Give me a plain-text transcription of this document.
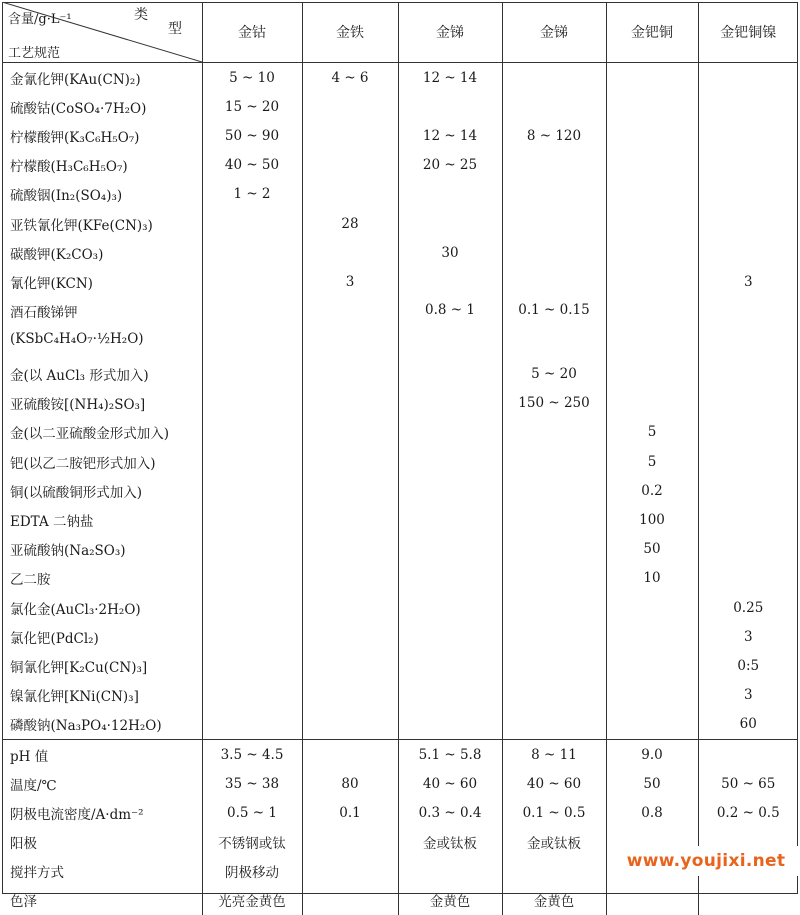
含量/g·L⁻¹ 类
型
工艺规范	金钴	金铁	金锑	金锑	金钯铜	金钯铜镍
金氰化钾(KAu(CN)₂)	5 ~ 10	4 ~ 6	12 ~ 14			
硫酸钴(CoSO₄·7H₂O)	15 ~ 20					
柠檬酸钾(K₃C₆H₅O₇)	50 ~ 90		12 ~ 14	8 ~ 120		
柠檬酸(H₃C₆H₅O₇)	40 ~ 50		20 ~ 25			
硫酸铟(In₂(SO₄)₃)	1 ~ 2					
亚铁氰化钾(KFe(CN)₃)		28				
碳酸钾(K₂CO₃)			30			
氰化钾(KCN)		3				3
酒石酸锑钾
(KSbC₄H₄O₇·½H₂O)			0.8 ~ 1	0.1 ~ 0.15		
金(以 AuCl₃ 形式加入)				5 ~ 20		
亚硫酸铵[(NH₄)₂SO₃]				150 ~ 250		
金(以二亚硫酸金形式加入)					5	
钯(以乙二胺钯形式加入)					5	
铜(以硫酸铜形式加入)					0.2	
EDTA 二钠盐					100	
亚硫酸钠(Na₂SO₃)					50	
乙二胺					10	
氯化金(AuCl₃·2H₂O)						0.25
氯化钯(PdCl₂)						3
铜氰化钾[K₂Cu(CN)₃]						0:5
镍氰化钾[KNi(CN)₃]						3
磷酸钠(Na₃PO₄·12H₂O)						60
pH 值	3.5 ~ 4.5		5.1 ~ 5.8	8 ~ 11	9.0	
温度/℃	35 ~ 38	80	40 ~ 60	40 ~ 60	50	50 ~ 65
阴极电流密度/A·dm⁻²	0.5 ~ 1	0.1	0.3 ~ 0.4	0.1 ~ 0.5	0.8	0.2 ~ 0.5
阳极	不锈钢或钛		金或钛板	金或钛板		
搅拌方式	阴极移动					
色泽	光亮金黄色		金黄色	金黄色		
www.youjixi.net
